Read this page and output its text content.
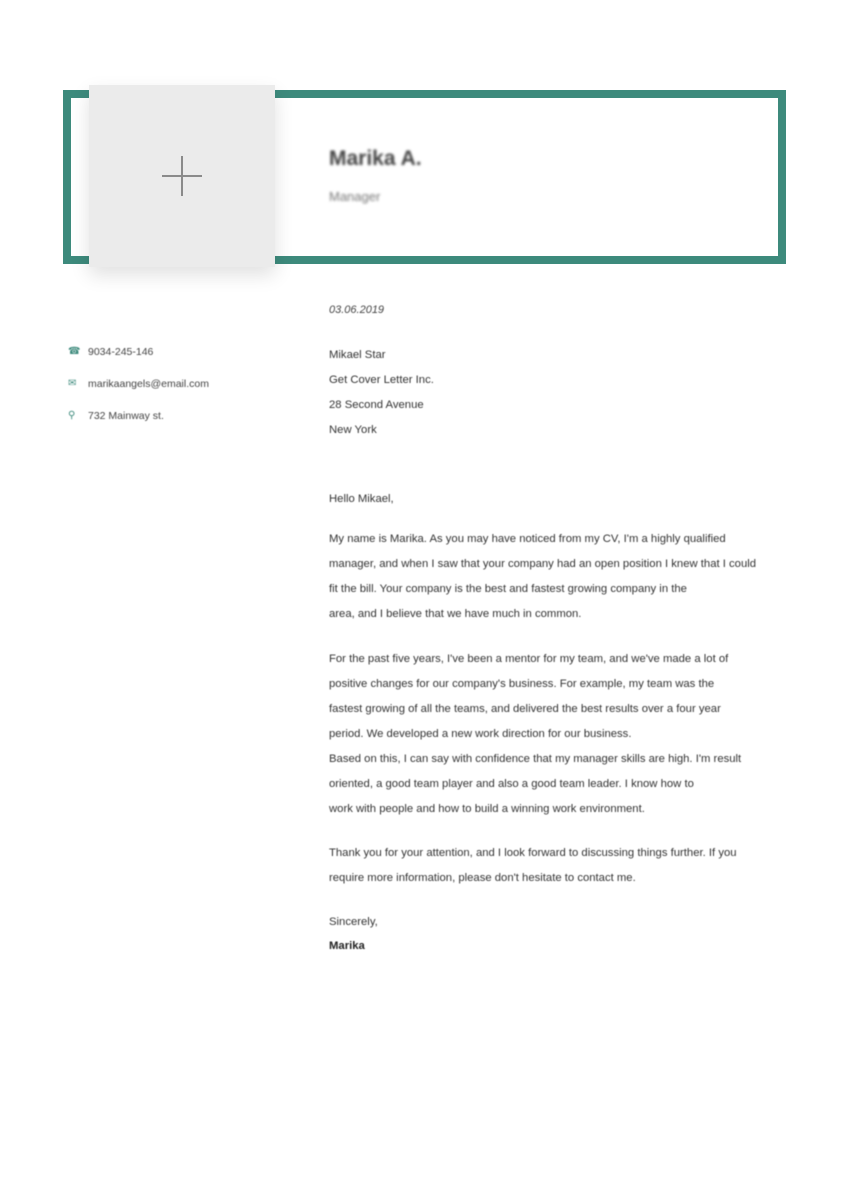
Marika A.
Manager
☎ 9034-245-146
✉	marikaangels@email.com
⚲	732 Mainway st.
03.06.2019
Mikael Star
Get Cover Letter Inc.
28 Second Avenue
New York
Hello Mikael,
My name is Marika. As you may have noticed from my CV, I'm a highly qualified
manager, and when I saw that your company had an open position I knew that I could
fit the bill. Your company is the best and fastest growing company in the
area, and I believe that we have much in common.
For the past five years, I've been a mentor for my team, and we've made a lot of
positive changes for our company's business. For example, my team was the
fastest growing of all the teams, and delivered the best results over a four year
period. We developed a new work direction for our business.
Based on this, I can say with confidence that my manager skills are high. I'm result
oriented, a good team player and also a good team leader. I know how to
work with people and how to build a winning work environment.
Thank you for your attention, and I look forward to discussing things further. If you
require more information, please don't hesitate to contact me.
Sincerely,
Marika
